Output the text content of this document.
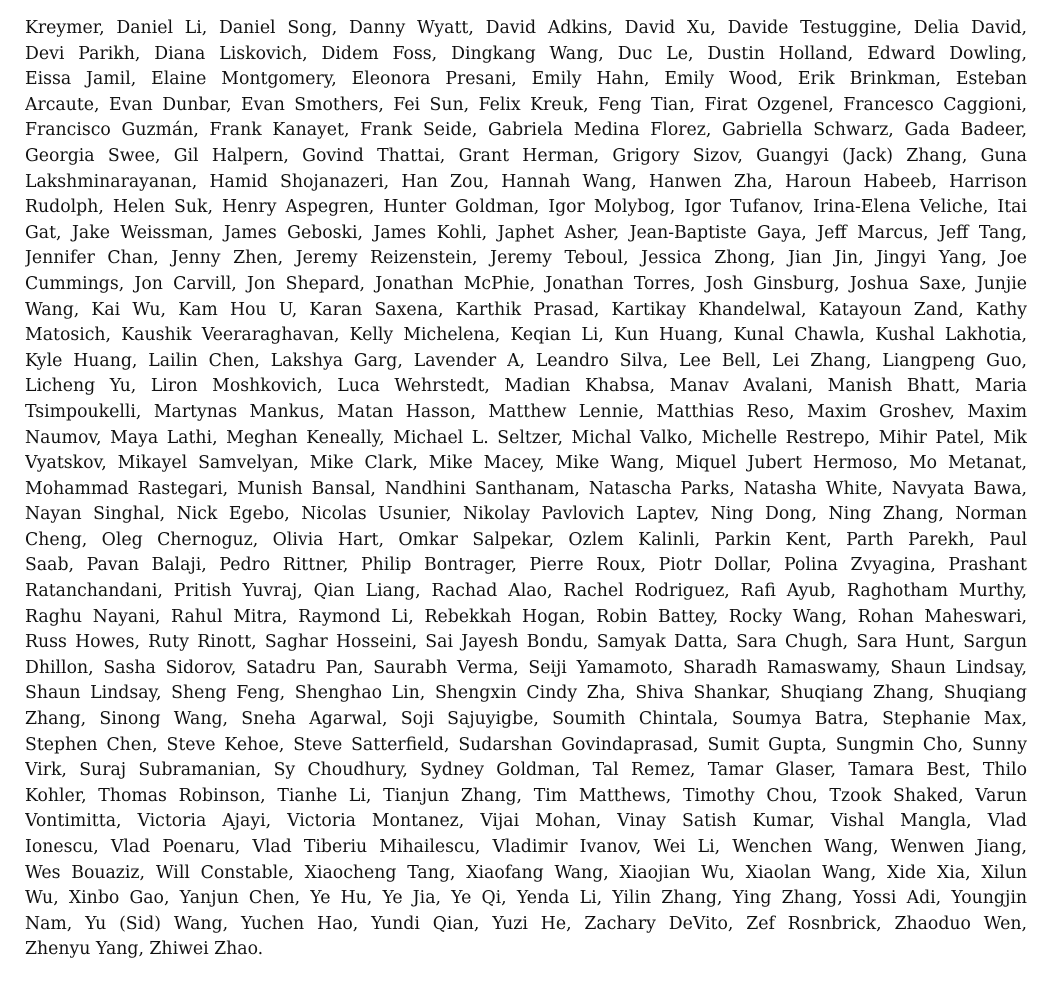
Kreymer, Daniel Li, Daniel Song, Danny Wyatt, David Adkins, David Xu, Davide Testuggine, Delia David,
Devi Parikh, Diana Liskovich, Didem Foss, Dingkang Wang, Duc Le, Dustin Holland, Edward Dowling,
Eissa Jamil, Elaine Montgomery, Eleonora Presani, Emily Hahn, Emily Wood, Erik Brinkman, Esteban
Arcaute, Evan Dunbar, Evan Smothers, Fei Sun, Felix Kreuk, Feng Tian, Firat Ozgenel, Francesco Caggioni,
Francisco Guzmán, Frank Kanayet, Frank Seide, Gabriela Medina Florez, Gabriella Schwarz, Gada Badeer,
Georgia Swee, Gil Halpern, Govind Thattai, Grant Herman, Grigory Sizov, Guangyi (Jack) Zhang, Guna
Lakshminarayanan, Hamid Shojanazeri, Han Zou, Hannah Wang, Hanwen Zha, Haroun Habeeb, Harrison
Rudolph, Helen Suk, Henry Aspegren, Hunter Goldman, Igor Molybog, Igor Tufanov, Irina-Elena Veliche, Itai
Gat, Jake Weissman, James Geboski, James Kohli, Japhet Asher, Jean-Baptiste Gaya, Jeff Marcus, Jeff Tang,
Jennifer Chan, Jenny Zhen, Jeremy Reizenstein, Jeremy Teboul, Jessica Zhong, Jian Jin, Jingyi Yang, Joe
Cummings, Jon Carvill, Jon Shepard, Jonathan McPhie, Jonathan Torres, Josh Ginsburg, Joshua Saxe, Junjie
Wang, Kai Wu, Kam Hou U, Karan Saxena, Karthik Prasad, Kartikay Khandelwal, Katayoun Zand, Kathy
Matosich, Kaushik Veeraraghavan, Kelly Michelena, Keqian Li, Kun Huang, Kunal Chawla, Kushal Lakhotia,
Kyle Huang, Lailin Chen, Lakshya Garg, Lavender A, Leandro Silva, Lee Bell, Lei Zhang, Liangpeng Guo,
Licheng Yu, Liron Moshkovich, Luca Wehrstedt, Madian Khabsa, Manav Avalani, Manish Bhatt, Maria
Tsimpoukelli, Martynas Mankus, Matan Hasson, Matthew Lennie, Matthias Reso, Maxim Groshev, Maxim
Naumov, Maya Lathi, Meghan Keneally, Michael L. Seltzer, Michal Valko, Michelle Restrepo, Mihir Patel, Mik
Vyatskov, Mikayel Samvelyan, Mike Clark, Mike Macey, Mike Wang, Miquel Jubert Hermoso, Mo Metanat,
Mohammad Rastegari, Munish Bansal, Nandhini Santhanam, Natascha Parks, Natasha White, Navyata Bawa,
Nayan Singhal, Nick Egebo, Nicolas Usunier, Nikolay Pavlovich Laptev, Ning Dong, Ning Zhang, Norman
Cheng, Oleg Chernoguz, Olivia Hart, Omkar Salpekar, Ozlem Kalinli, Parkin Kent, Parth Parekh, Paul
Saab, Pavan Balaji, Pedro Rittner, Philip Bontrager, Pierre Roux, Piotr Dollar, Polina Zvyagina, Prashant
Ratanchandani, Pritish Yuvraj, Qian Liang, Rachad Alao, Rachel Rodriguez, Rafi Ayub, Raghotham Murthy,
Raghu Nayani, Rahul Mitra, Raymond Li, Rebekkah Hogan, Robin Battey, Rocky Wang, Rohan Maheswari,
Russ Howes, Ruty Rinott, Saghar Hosseini, Sai Jayesh Bondu, Samyak Datta, Sara Chugh, Sara Hunt, Sargun
Dhillon, Sasha Sidorov, Satadru Pan, Saurabh Verma, Seiji Yamamoto, Sharadh Ramaswamy, Shaun Lindsay,
Shaun Lindsay, Sheng Feng, Shenghao Lin, Shengxin Cindy Zha, Shiva Shankar, Shuqiang Zhang, Shuqiang
Zhang, Sinong Wang, Sneha Agarwal, Soji Sajuyigbe, Soumith Chintala, Soumya Batra, Stephanie Max,
Stephen Chen, Steve Kehoe, Steve Satterfield, Sudarshan Govindaprasad, Sumit Gupta, Sungmin Cho, Sunny
Virk, Suraj Subramanian, Sy Choudhury, Sydney Goldman, Tal Remez, Tamar Glaser, Tamara Best, Thilo
Kohler, Thomas Robinson, Tianhe Li, Tianjun Zhang, Tim Matthews, Timothy Chou, Tzook Shaked, Varun
Vontimitta, Victoria Ajayi, Victoria Montanez, Vijai Mohan, Vinay Satish Kumar, Vishal Mangla, Vlad
Ionescu, Vlad Poenaru, Vlad Tiberiu Mihailescu, Vladimir Ivanov, Wei Li, Wenchen Wang, Wenwen Jiang,
Wes Bouaziz, Will Constable, Xiaocheng Tang, Xiaofang Wang, Xiaojian Wu, Xiaolan Wang, Xide Xia, Xilun
Wu, Xinbo Gao, Yanjun Chen, Ye Hu, Ye Jia, Ye Qi, Yenda Li, Yilin Zhang, Ying Zhang, Yossi Adi, Youngjin
Nam, Yu (Sid) Wang, Yuchen Hao, Yundi Qian, Yuzi He, Zachary DeVito, Zef Rosnbrick, Zhaoduo Wen,
Zhenyu Yang, Zhiwei Zhao.
